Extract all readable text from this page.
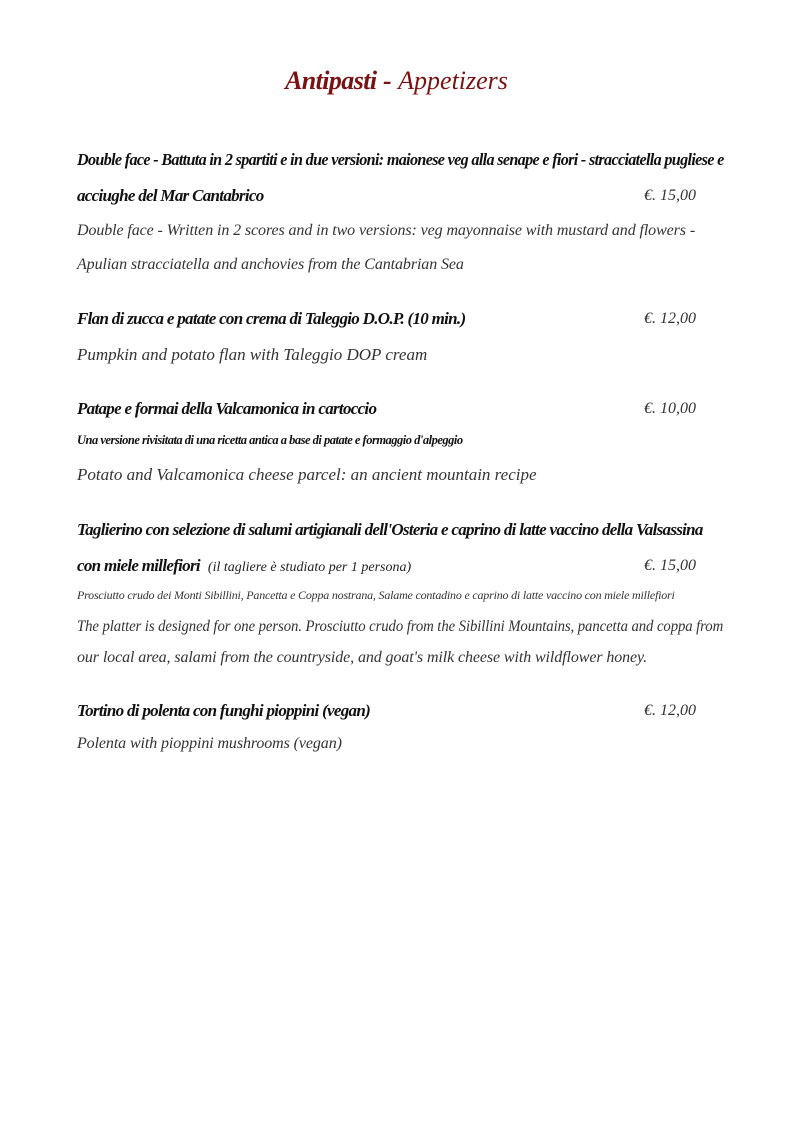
Antipasti - Appetizers
Double face - Battuta in 2 spartiti e in due versioni: maionese veg alla senape e fiori - stracciatella pugliese e
acciughe del Mar Cantabrico	€. 15,00
Double face - Written in 2 scores and in two versions: veg mayonnaise with mustard and flowers -
Apulian stracciatella and anchovies from the Cantabrian Sea
Flan di zucca e patate con crema di Taleggio D.O.P. (10 min.)	€. 12,00
Pumpkin and potato flan with Taleggio DOP cream
Patape e formai della Valcamonica in cartoccio	€. 10,00
Una versione rivisitata di una ricetta antica a base di patate e formaggio d'alpeggio
Potato and Valcamonica cheese parcel: an ancient mountain recipe
Taglierino con selezione di salumi artigianali dell'Osteria e caprino di latte vaccino della Valsassina
con miele millefiori (il tagliere è studiato per 1 persona)	€. 15,00
Prosciutto crudo dei Monti Sibillini, Pancetta e Coppa nostrana, Salame contadino e caprino di latte vaccino con miele millefiori
The platter is designed for one person. Prosciutto crudo from the Sibillini Mountains, pancetta and coppa from
our local area, salami from the countryside, and goat's milk cheese with wildflower honey.
Tortino di polenta con funghi pioppini (vegan)	€. 12,00
Polenta with pioppini mushrooms (vegan)
